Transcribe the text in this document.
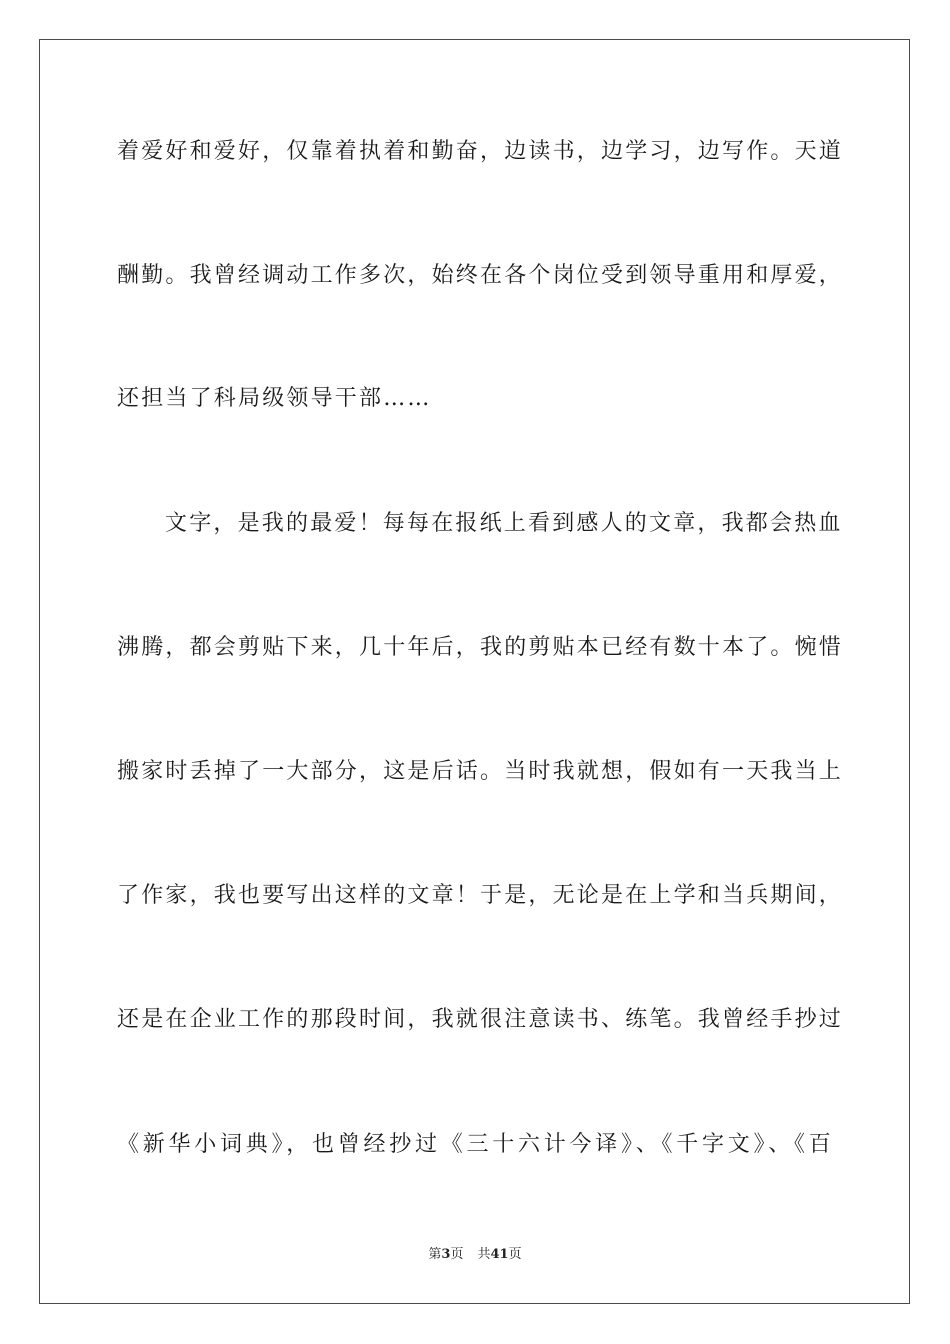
着爱好和爱好，仅靠着执着和勤奋，边读书，边学习，边写作。天道
酬勤。我曾经调动工作多次，始终在各个岗位受到领导重用和厚爱，
还担当了科局级领导干部……
文字，是我的最爱！每每在报纸上看到感人的文章，我都会热血
沸腾，都会剪贴下来，几十年后，我的剪贴本已经有数十本了。惋惜
搬家时丢掉了一大部分，这是后话。当时我就想，假如有一天我当上
了作家，我也要写出这样的文章！于是，无论是在上学和当兵期间，
还是在企业工作的那段时间，我就很注意读书、练笔。我曾经手抄过
《新华小词典》，也曾经抄过《三十六计今译》、《千字文》、《百
第3页 共41页
